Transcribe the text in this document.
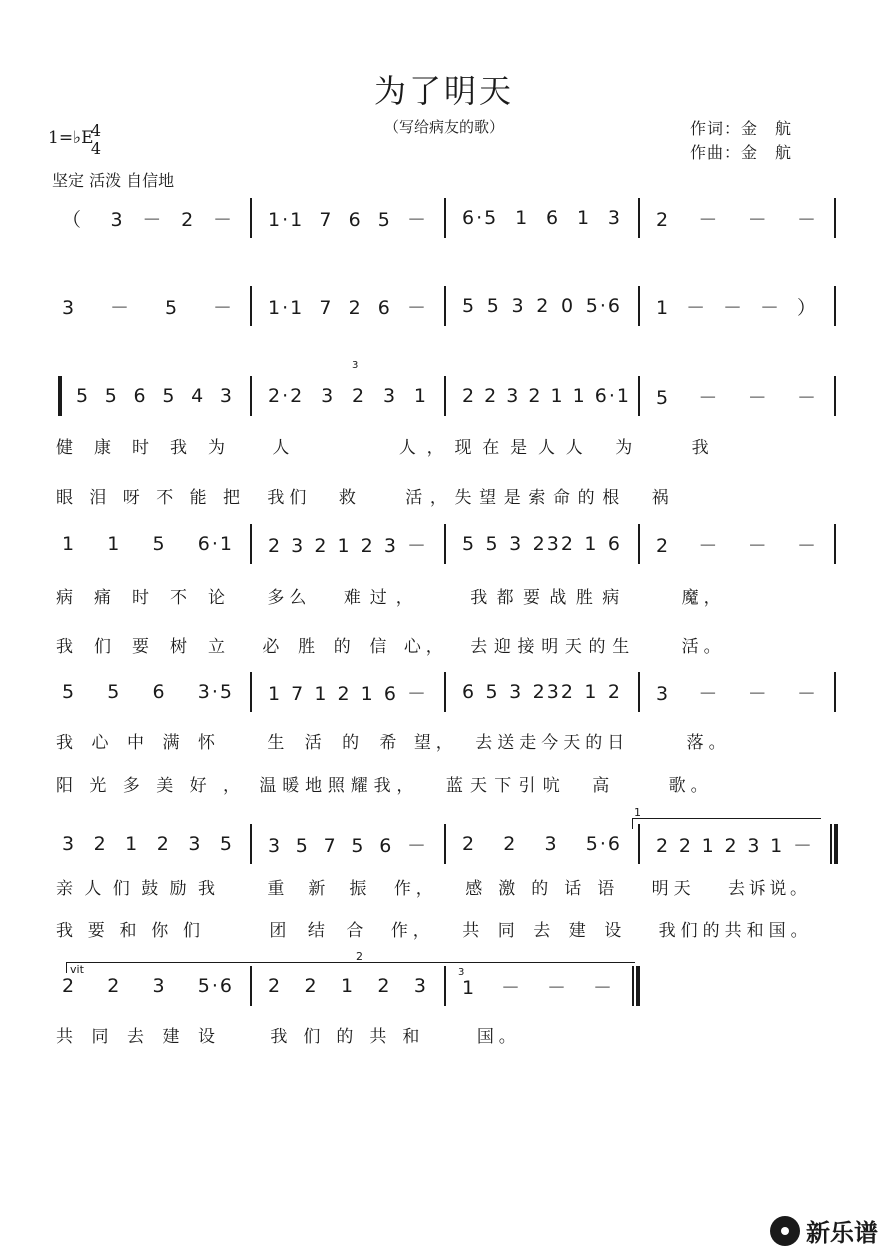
为了明天
（写给病友的歌）	作词：金　航
作曲：金　航
1=♭E
4
4
坚定 活泼 自信地
（ 3 － 2 － 1·1 7 6 5 － 6·5 1 6 1 3 2 － － －
3 － 5 － 1·1 7 2 6 － 5 5 3 2 0 5·6 1 － － － ）
5 5 6 5 4 3 2·2 3 2 3 1
3
2 2 3 2 1 1 6·1 5 － － －
健康时我为	人	人，现在是人人 为	我
眼泪呀不能把 我们 救	活，失望是索命的根 祸
1 1 5 6·1 2 3 2 1 2 3 － 5 5 3 232 1 6 2 － － －
病痛时不论 多么 难过，	我都要战胜病	魔，
我们要树立 必胜的信 心， 去迎接明天的生	活。
5 5 6 3·5 1 7 1 2 1 6 － 6 5 3 232 1 2 3 － － －
我心中满怀	生活的希 望， 去送走今天的日	落。
阳光多美好， 温暖地照耀我， 蓝天下引吭 高	歌。
1
3 2 1 2 3 5 3 5 7 5 6 － 2 2 3 5·6 2 2 1 2 3 1 －
亲人们鼓励我	重新振 作， 感激的话语 明天 去诉说。
我要和你们	团结合 作， 共同去建设 我们的共和国。
2
vit	3
2 2 3 5·6 2 2 1 2 3 1 － － －
共同去建设	我们的共和	国。
新乐谱
